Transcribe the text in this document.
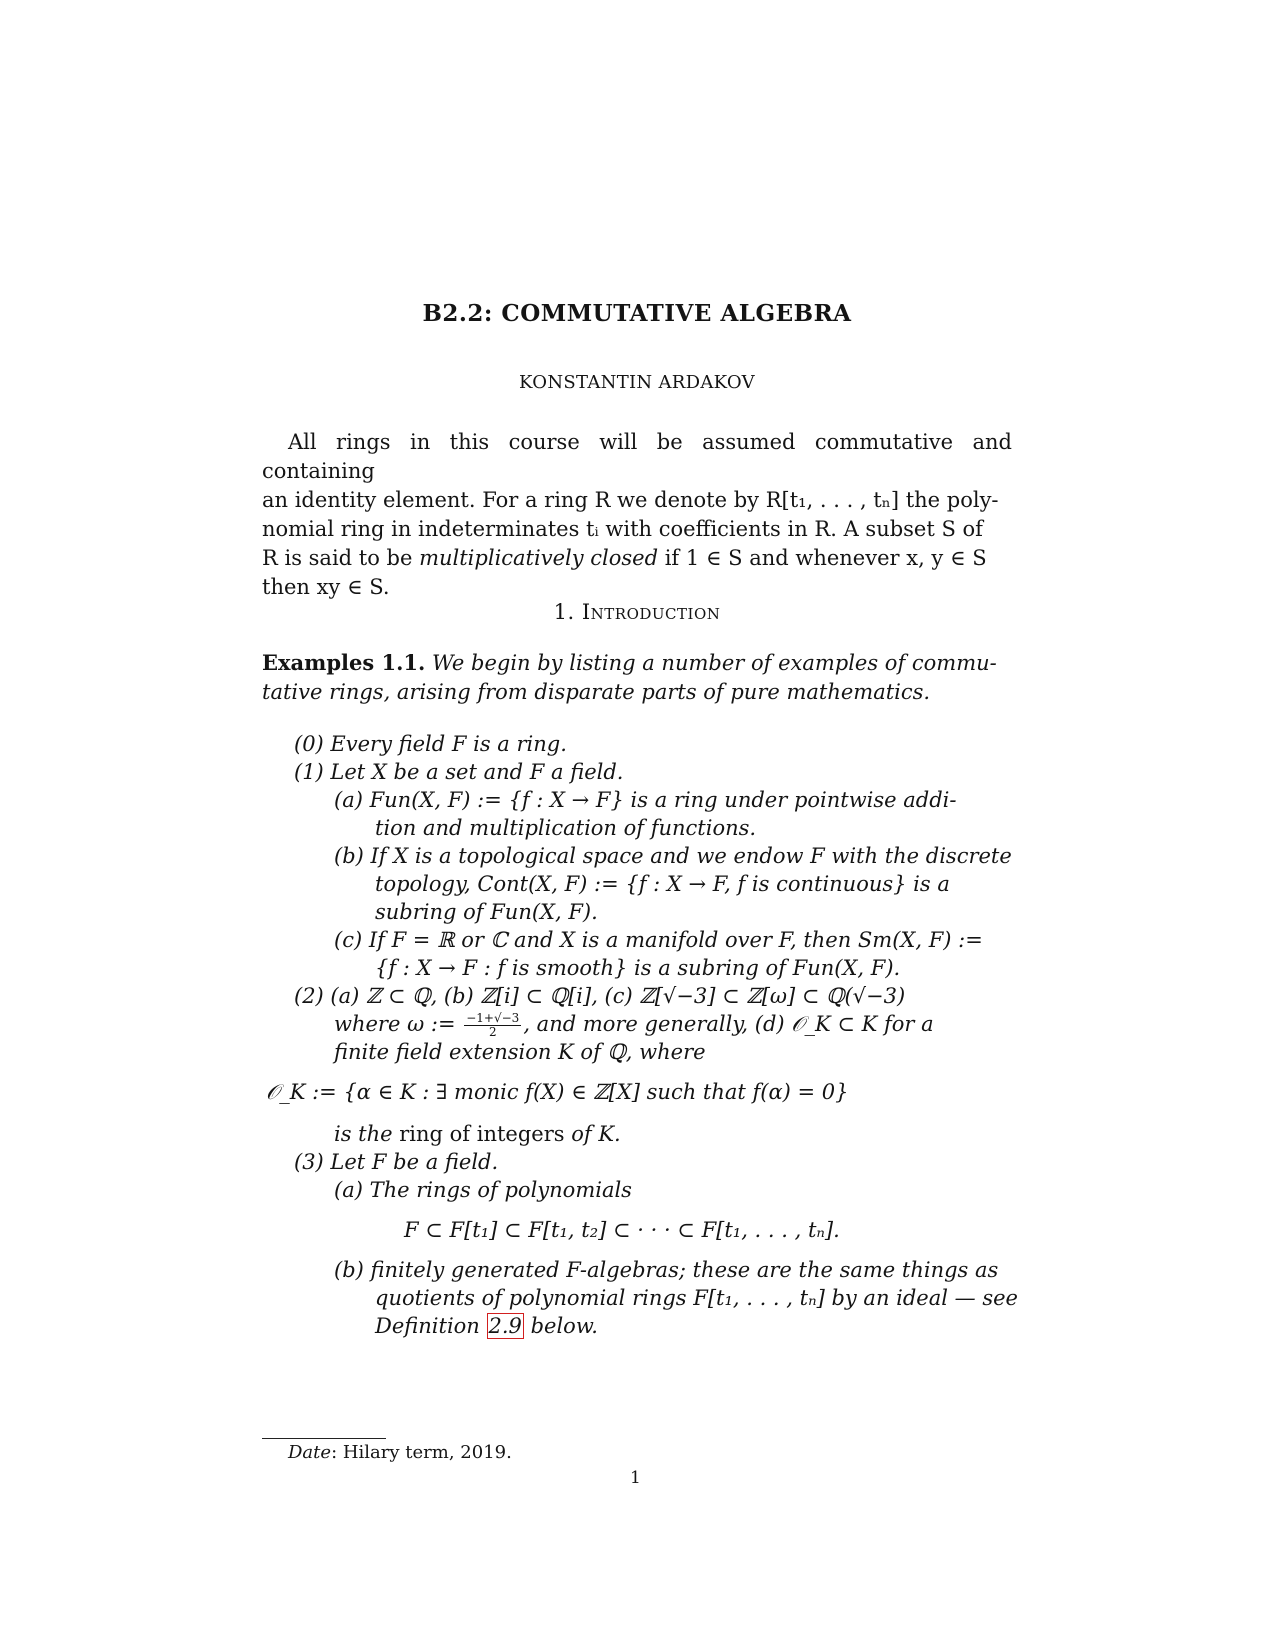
B2.2: COMMUTATIVE ALGEBRA
KONSTANTIN ARDAKOV
All rings in this course will be assumed commutative and containing
an identity element. For a ring R we denote by R[t₁, . . . , tₙ] the poly-
nomial ring in indeterminates tᵢ with coefficients in R. A subset S of
R is said to be multiplicatively closed if 1 ∈ S and whenever x, y ∈ S
then xy ∈ S.
1. Introduction
Examples 1.1. We begin by listing a number of examples of commu-
tative rings, arising from disparate parts of pure mathematics.
(0) Every field F is a ring.
(1) Let X be a set and F a field.
(a) Fun(X, F) := {f : X → F} is a ring under pointwise addi-
tion and multiplication of functions.
(b) If X is a topological space and we endow F with the discrete
topology, Cont(X, F) := {f : X → F, f is continuous} is a
subring of Fun(X, F).
(c) If F = ℝ or ℂ and X is a manifold over F, then Sm(X, F) :=
{f : X → F : f is smooth} is a subring of Fun(X, F).
(2) (a) ℤ ⊂ ℚ, (b) ℤ[i] ⊂ ℚ[i], (c) ℤ[√−3] ⊂ ℤ[ω] ⊂ ℚ(√−3)
where ω := $\frac{-1+√-3}{2}$ , and more generally, (d) 𝒪_K ⊂ K for a
finite field extension K of ℚ, where
𝒪_K := {α ∈ K : ∃ monic f(X) ∈ ℤ[X] such that f(α) = 0}
is the ring of integers of K.
(3) Let F be a field.
(a) The rings of polynomials
F ⊂ F[t₁] ⊂ F[t₁, t₂] ⊂ · · · ⊂ F[t₁, . . . , tₙ].
(b) finitely generated F-algebras; these are the same things as
quotients of polynomial rings F[t₁, . . . , tₙ] by an ideal — see
Definition 2.9 below.
Date: Hilary term, 2019.
1
